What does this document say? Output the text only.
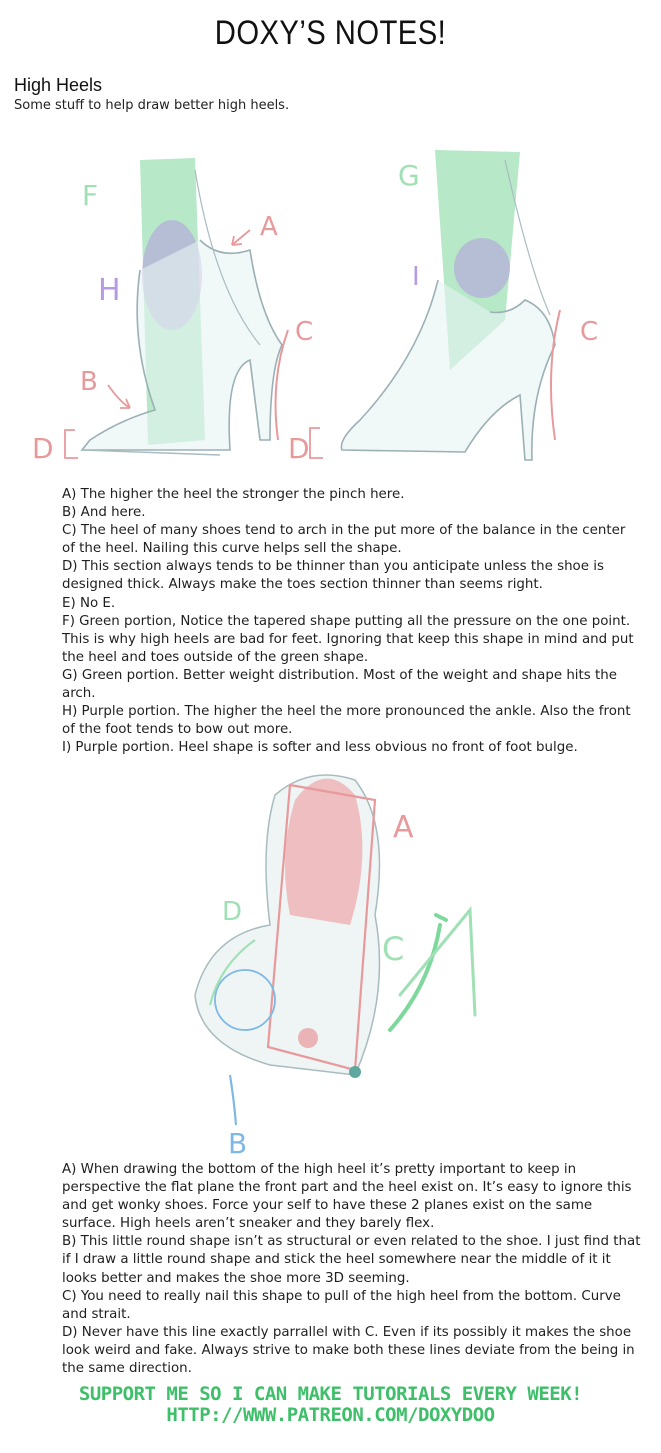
DOXY’S NOTES!
High Heels
Some stuff to help draw better high heels.
F
A
H
C
B
D
G
I
C
D

A) The higher the heel the stronger the pinch here.

B) And here.

C) The heel of many shoes tend to arch in the put more of the balance in the center of the heel. Nailing this curve helps sell the shape.

D) This section always tends to be thinner than you anticipate unless the shoe is designed thick. Always make the toes section thinner than seems right.

E) No E.

F) Green portion, Notice the tapered shape putting all the pressure on the one point. This is why high heels are bad for feet. Ignoring that keep this shape in mind and put the heel and toes outside of the green shape.

G) Green portion. Better weight distribution. Most of the weight and shape hits the arch.

H) Purple portion. The higher the heel the more pronounced the ankle. Also the front of the foot tends to bow out more.

I) Purple portion. Heel shape is softer and less obvious no front of foot bulge.

A
D
C
B

A) When drawing the bottom of the high heel it’s pretty important to keep in perspective the flat plane the front part and the heel exist on. It’s easy to ignore this and get wonky shoes. Force your self to have these 2 planes exist on the same surface. High heels aren’t sneaker and they barely flex.

B) This little round shape isn’t as structural or even related to the shoe. I just find that if I draw a little round shape and stick the heel somewhere near the middle of it it looks better and makes the shoe more 3D seeming.

C) You need to really nail this shape to pull of the high heel from the bottom. Curve and strait.

D) Never have this line exactly parrallel with C. Even if its possibly it makes the shoe look weird and fake. Always strive to make both these lines deviate from the being in the same direction.

SUPPORT ME SO I CAN MAKE TUTORIALS EVERY WEEK!
HTTP://WWW.PATREON.COM/DOXYDOO
